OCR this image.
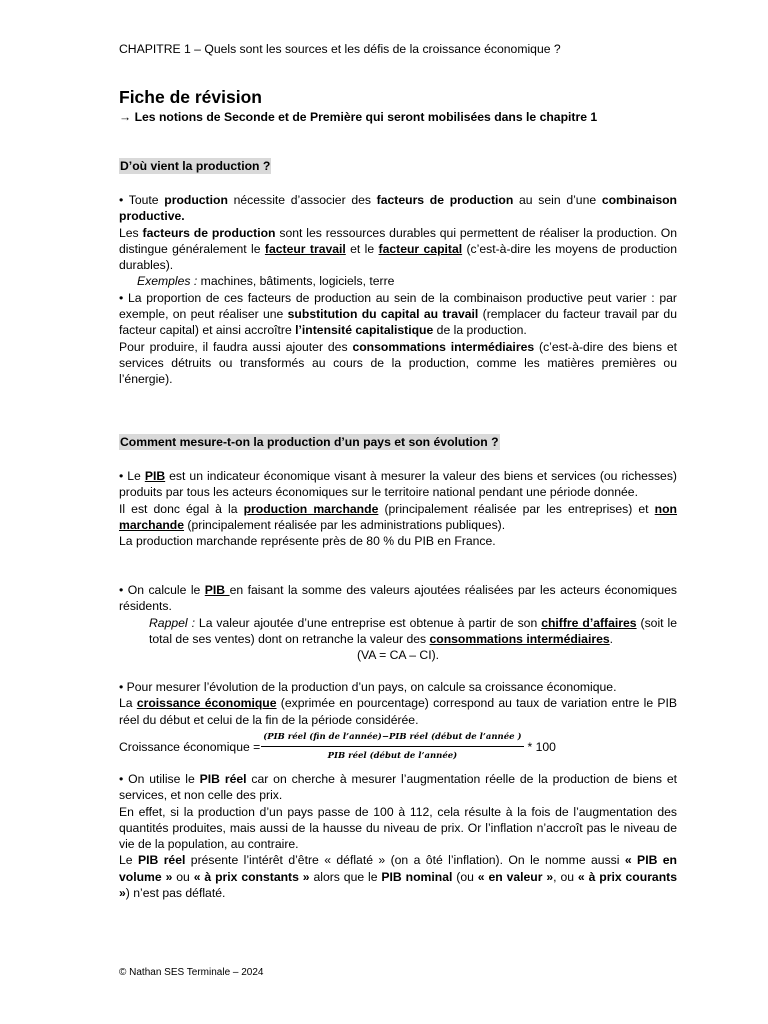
CHAPITRE 1 – Quels sont les sources et les défis de la croissance économique ?
Fiche de révision
→ Les notions de Seconde et de Première qui seront mobilisées dans le chapitre 1
D’où vient la production ?

• Toute production nécessite d’associer des facteurs de production au sein d’une combinaison productive.

Les facteurs de production sont les ressources durables qui permettent de réaliser la production. On distingue généralement le facteur travail et le facteur capital (c’est-à-dire les moyens de production durables).

Exemples : machines, bâtiments, logiciels, terre

• La proportion de ces facteurs de production au sein de la combinaison productive peut varier : par exemple, on peut réaliser une substitution du capital au travail (remplacer du facteur travail par du facteur capital) et ainsi accroître l’intensité capitalistique de la production.

Pour produire, il faudra aussi ajouter des consommations intermédiaires (c’est-à-dire des biens et services détruits ou transformés au cours de la production, comme les matières premières ou l’énergie).

Comment mesure-t-on la production d’un pays et son évolution ?

• Le PIB est un indicateur économique visant à mesurer la valeur des biens et services (ou richesses) produits par tous les acteurs économiques sur le territoire national pendant une période donnée.

Il est donc égal à la production marchande (principalement réalisée par les entreprises) et non marchande (principalement réalisée par les administrations publiques).

La production marchande représente près de 80 % du PIB en France.

• On calcule le PIB en faisant la somme des valeurs ajoutées réalisées par les acteurs économiques résidents.

Rappel : La valeur ajoutée d’une entreprise est obtenue à partir de son chiffre d’affaires (soit le total de ses ventes) dont on retranche la valeur des consommations intermédiaires.

(VA = CA – CI).

• Pour mesurer l’évolution de la production d’un pays, on calcule sa croissance économique.

La croissance économique (exprimée en pourcentage) correspond au taux de variation entre le PIB réel du début et celui de la fin de la période considérée.

Croissance économique = $\frac{\text{(PIB réel (fin de l’année)−PIB réel (début de l’année )}}{\text{PIB réel (début de l’année)}} * 100$

• On utilise le PIB réel car on cherche à mesurer l’augmentation réelle de la production de biens et services, et non celle des prix.

En effet, si la production d’un pays passe de 100 à 112, cela résulte à la fois de l’augmentation des quantités produites, mais aussi de la hausse du niveau de prix. Or l’inflation n’accroît pas le niveau de vie de la population, au contraire.

Le PIB réel présente l’intérêt d’être « déflaté » (on a ôté l’inflation). On le nomme aussi « PIB en volume » ou « à prix constants » alors que le PIB nominal (ou « en valeur », ou « à prix courants ») n’est pas déflaté.

© Nathan SES Terminale – 2024
